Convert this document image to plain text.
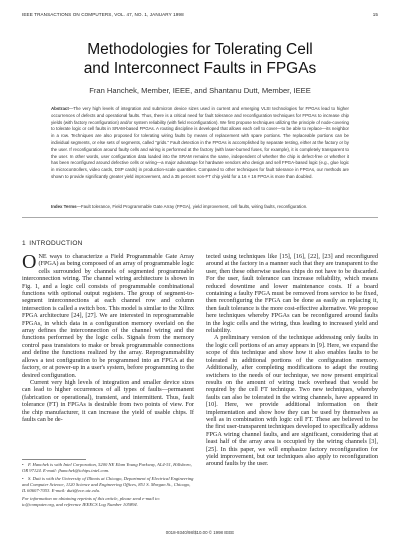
IEEE TRANSACTIONS ON COMPUTERS, VOL. 47, NO. 1, JANUARY 1998	15
Methodologies for Tolerating Cell
and Interconnect Faults in FPGAs
Fran Hanchek, Member, IEEE, and Shantanu Dutt, Member, IEEE

Abstract—The very high levels of integration and submicron device sizes used in current and emerging VLSI technologies for FPGAs lead to higher occurrences of defects and operational faults. Thus, there is a critical need for fault tolerance and reconfiguration techniques for FPGAs to increase chip yields (with factory reconfiguration) and/or system reliability (with field reconfiguration). We first propose techniques utilizing the principle of node-covering to tolerate logic or cell faults in SRAM-based FPGAs. A routing discipline is developed that allows each cell to cover—to be able to replace—its neighbor in a row. Techniques are also proposed for tolerating wiring faults by means of replacement with spare portions. The replaceable portions can be individual segments, or else sets of segments, called "grids." Fault detection in the FPGAs is accomplished by separate testing, either at the factory or by the user. If reconfiguration around faulty cells and wiring is performed at the factory (with laser-burned fuses, for example), it is completely transparent to the user. In other words, user configuration data loaded into the SRAM remains the same, independent of whether the chip is defect-free or whether it has been reconfigured around defective cells or wiring—a major advantage for hardware vendors who design and sell FPGA-based logic (e.g., glue logic in microcontrollers, video cards, DSP cards) in production-scale quantities. Compared to other techniques for fault tolerance in FPGAs, our methods are shown to provide significantly greater yield improvement, and a 35 percent non-FT chip yield for a 16 × 16 FPGA is more than doubled.

Index Terms—Fault tolerance, Field Programmable Gate Array (FPGA), yield improvement, cell faults, wiring faults, reconfiguration.

1 INTRODUCTION

ONE ways to characterize a Field Programmable Gate Array (FPGA) as being composed of an array of programmable logic cells surrounded by channels of segmented programmable interconnection wiring. The channel wiring architecture is shown in Fig. 1, and a logic cell consists of programmable combinational functions with optional output registers. The group of segment-to-segment interconnections at each channel row and column intersection is called a switch box. This model is similar to the Xilinx FPGA architecture [24], [27]. We are interested in reprogrammable FPGAs, in which data in a configuration memory overlaid on the array defines the interconnection of the channel wiring and the functions performed by the logic cells. Signals from the memory control pass transistors to make or break programmable connections and define the functions realized by the array. Reprogrammability allows a test configuration to be programmed into an FPGA at the factory, or at power-up in a user's system, before programming to the desired configuration.

Current very high levels of integration and smaller device sizes can lead to higher occurrences of all types of faults—permanent (fabrication or operational), transient, and intermittent. Thus, fault tolerance (FT) in FPGAs is desirable from two points of view. For the chip manufacturer, it can increase the yield of usable chips. If faults can be de-

tected using techniques like [15], [16], [22], [23] and reconfigured around at the factory in a manner such that they are transparent to the user, then these otherwise useless chips do not have to be discarded. For the user, fault tolerance can increase reliability, which means reduced downtime and lower maintenance costs. If a board containing a faulty FPGA must be removed from service to be fixed, then reconfiguring the FPGA can be done as easily as replacing it, then fault tolerance is the more cost-effective alternative. We propose here techniques whereby FPGAs can be reconfigured around faults in the logic cells and the wiring, thus leading to increased yield and reliability.

A preliminary version of the technique addressing only faults in the logic cell portions of an array appears in [9]. Here, we expand the scope of this technique and show how it also enables faults to be tolerated in additional portions of the configuration memory. Additionally, after completing modifications to adapt the routing switchers to the needs of our technique, we now present empirical results on the amount of wiring track overhead that would be required by the cell FT technique. Two new techniques, whereby faults can also be tolerated in the wiring channels, have appeared in [10]. Here, we provide additional information on their implementation and show how they can be used by themselves as well as in combination with logic cell FT. These are believed to be the first user-transparent techniques developed to specifically address FPGA wiring channel faults, and are significant, considering that at least half of the array area is occupied by the wiring channels [3], [25]. In this paper, we will emphasize factory reconfiguration for yield improvement, but our techniques also apply to reconfiguration around faults by the user.

• F. Hanchek is with Intel Corporation, 5200 NE Elam Young Parkway, AL4-51, Hillsboro, OR 97124. E-mail: fhanchek@ichips.intel.com.

• S. Dutt is with the University of Illinois at Chicago, Department of Electrical Engineering and Computer Science, 1120 Science and Engineering Offices, 851 S. Morgan St., Chicago, IL 60607-7053. E-mail: dutt@ece.uic.edu.

For information on obtaining reprints of this article, please send e-mail to: tc@computer.org, and reference IEEECS Log Number 105894.

0018-9340/98/$10.00 © 1998 IEEE
